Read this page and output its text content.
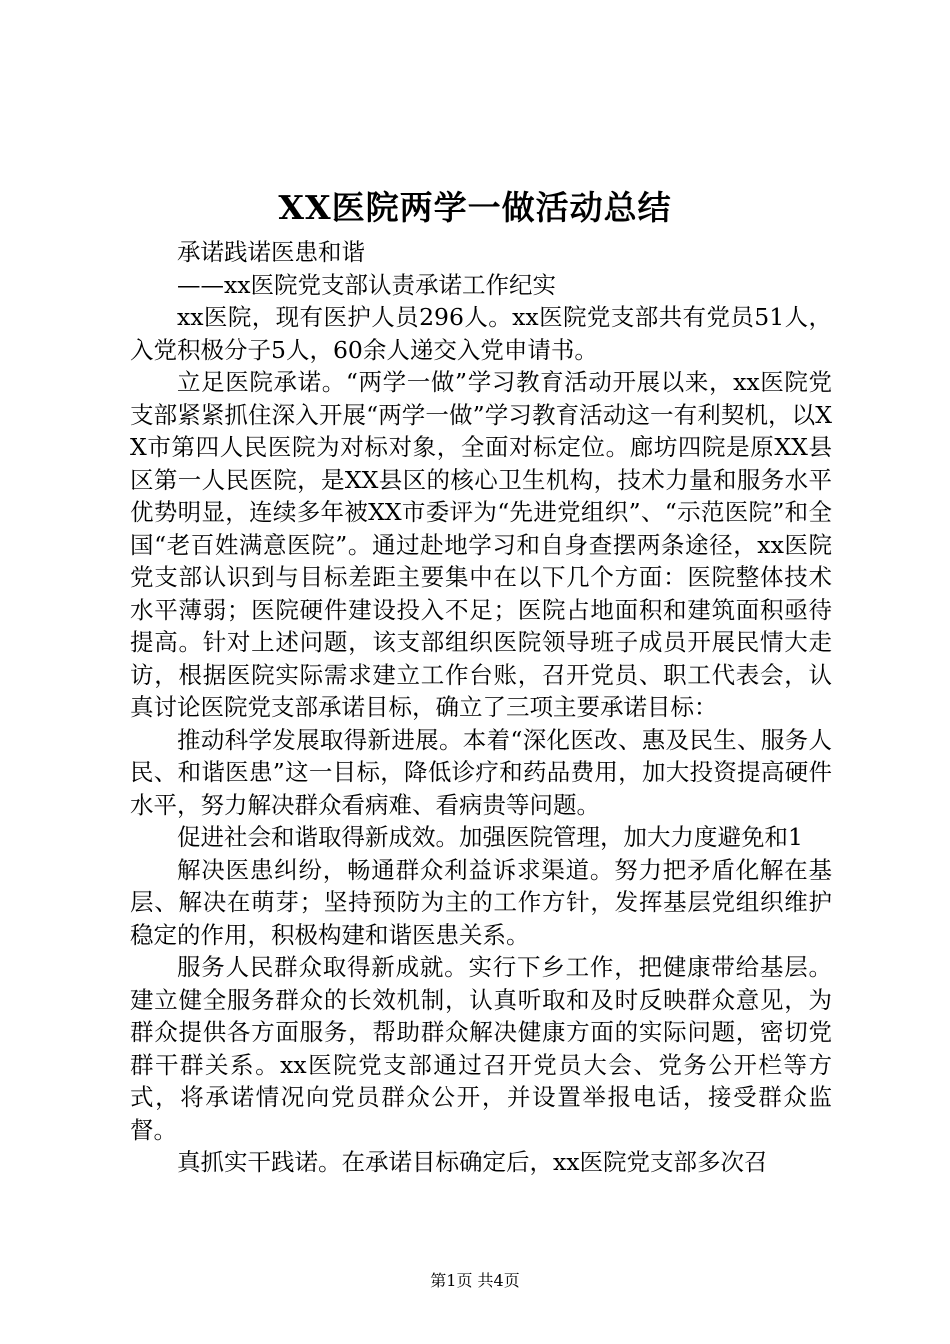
XX医院两学一做活动总结

承诺践诺医患和谐

——xx医院党支部认责承诺工作纪实

xx医院，现有医护人员296人。xx医院党支部共有党员51人，入党积极分子5人，60余人递交入党申请书。

立足医院承诺。“两学一做”学习教育活动开展以来，xx医院党支部紧紧抓住深入开展“两学一做”学习教育活动这一有利契机，以XX市第四人民医院为对标对象，全面对标定位。廊坊四院是原XX县区第一人民医院，是XX县区的核心卫生机构，技术力量和服务水平优势明显，连续多年被XX市委评为“先进党组织”、“示范医院”和全国“老百姓满意医院”。通过赴地学习和自身查摆两条途径，xx医院党支部认识到与目标差距主要集中在以下几个方面：医院整体技术水平薄弱；医院硬件建设投入不足；医院占地面积和建筑面积亟待提高。针对上述问题，该支部组织医院领导班子成员开展民情大走访，根据医院实际需求建立工作台账，召开党员、职工代表会，认真讨论医院党支部承诺目标，确立了三项主要承诺目标：

推动科学发展取得新进展。本着“深化医改、惠及民生、服务人民、和谐医患”这一目标，降低诊疗和药品费用，加大投资提高硬件水平，努力解决群众看病难、看病贵等问题。

促进社会和谐取得新成效。加强医院管理，加大力度避免和1

解决医患纠纷，畅通群众利益诉求渠道。努力把矛盾化解在基层、解决在萌芽；坚持预防为主的工作方针，发挥基层党组织维护稳定的作用，积极构建和谐医患关系。

服务人民群众取得新成就。实行下乡工作，把健康带给基层。建立健全服务群众的长效机制，认真听取和及时反映群众意见，为群众提供各方面服务，帮助群众解决健康方面的实际问题，密切党群干群关系。xx医院党支部通过召开党员大会、党务公开栏等方式，将承诺情况向党员群众公开，并设置举报电话，接受群众监督。

真抓实干践诺。在承诺目标确定后，xx医院党支部多次召

第1页 共4页
